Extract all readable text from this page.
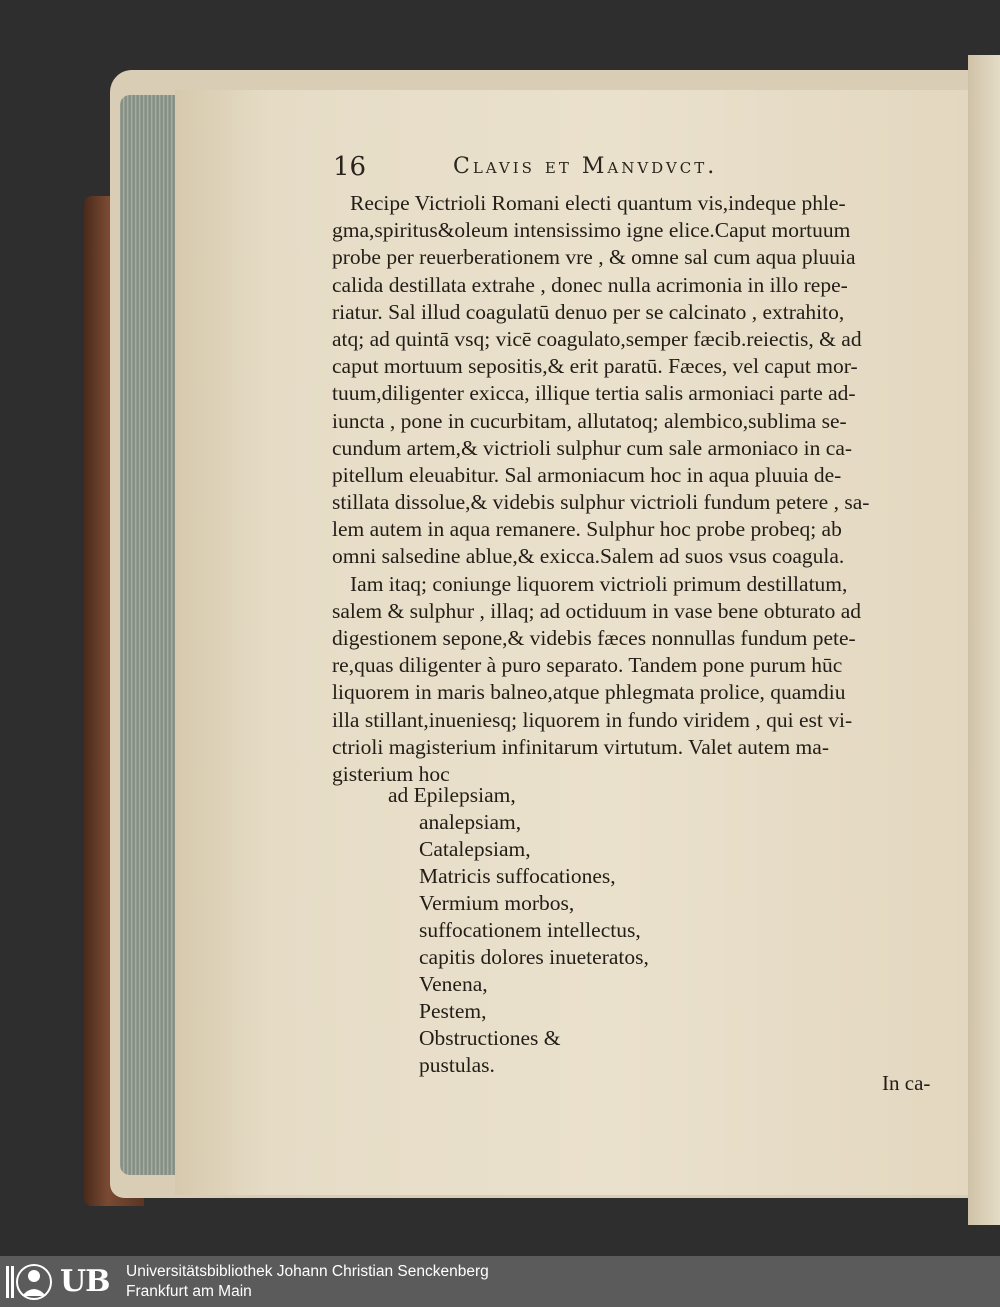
16	Clavis et Manvdvct.
Recipe Victrioli Romani electi quantum vis,indeque phle-
gma,spiritus&oleum intensissimo igne elice.Caput mortuum
probe per reuerberationem vre , & omne sal cum aqua pluuia
calida destillata extrahe , donec nulla acrimonia in illo repe-
riatur. Sal illud coagulatū denuo per se calcinato , extrahito,
atq; ad quintā vsq; vicē coagulato,semper fæcib.reiectis, & ad
caput mortuum sepositis,& erit paratū. Fæces, vel caput mor-
tuum,diligenter exicca, illique tertia salis armoniaci parte ad-
iuncta , pone in cucurbitam, allutatoq; alembico,sublima se-
cundum artem,& victrioli sulphur cum sale armoniaco in ca-
pitellum eleuabitur. Sal armoniacum hoc in aqua pluuia de-
stillata dissolue,& videbis sulphur victrioli fundum petere , sa-
lem autem in aqua remanere. Sulphur hoc probe probeq; ab
omni salsedine ablue,& exicca.Salem ad suos vsus coagula.
Iam itaq; coniunge liquorem victrioli primum destillatum,
salem & sulphur , illaq; ad octiduum in vase bene obturato ad
digestionem sepone,& videbis fæces nonnullas fundum pete-
re,quas diligenter à puro separato. Tandem pone purum hūc
liquorem in maris balneo,atque phlegmata prolice, quamdiu
illa stillant,inueniesq; liquorem in fundo viridem , qui est vi-
ctrioli magisterium infinitarum virtutum. Valet autem ma-
gisterium hoc
ad Epilepsiam,
analepsiam,
Catalepsiam,
Matricis suffocationes,
Vermium morbos,
suffocationem intellectus,
capitis dolores inueteratos,
Venena,
Pestem,
Obstructiones &
pustulas.
In ca-
UB Universitätsbibliothek Johann Christian Senckenberg
Frankfurt am Main
